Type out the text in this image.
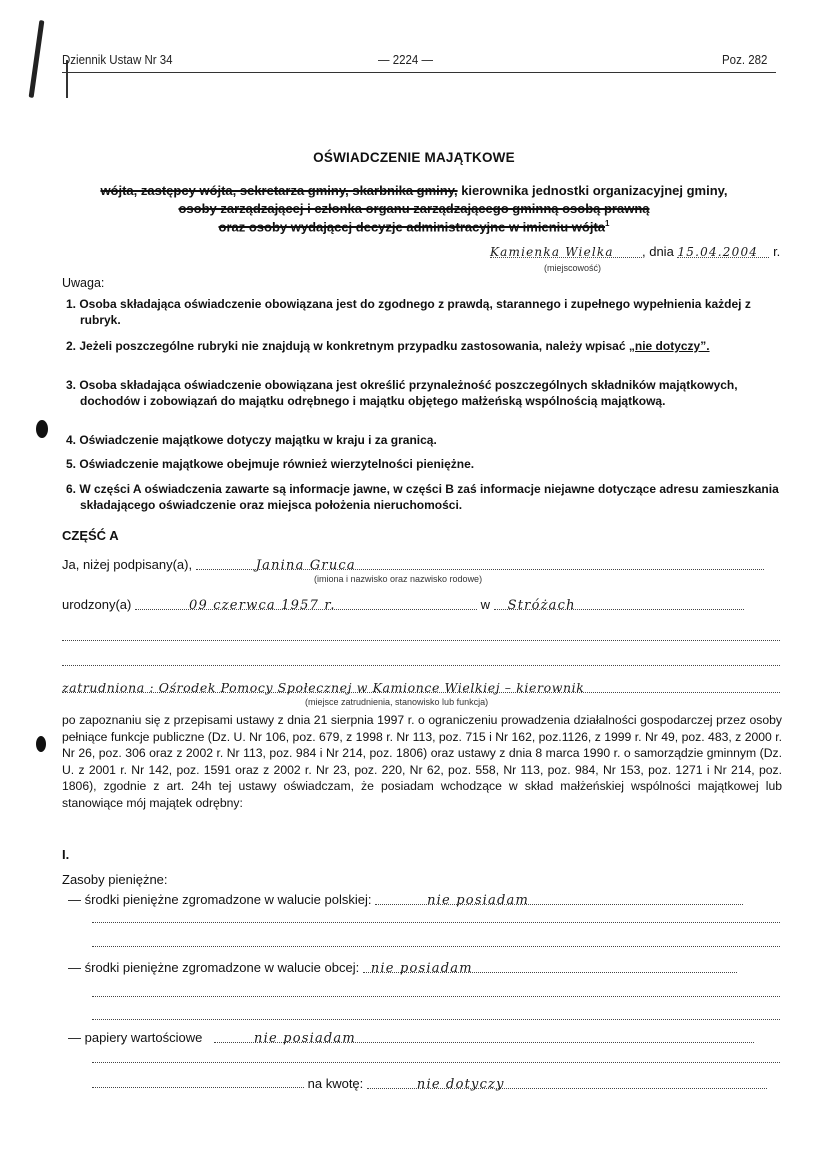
Dziennik Ustaw Nr 34	— 2224 —	Poz. 282
OŚWIADCZENIE MAJĄTKOWE
wójta, zastępcy wójta, sekretarza gminy, skarbnika gminy, kierownika jednostki organizacyjnej gminy,
osoby zarządzającej i członka organu zarządzającego gminną osobą prawną
oraz osoby wydającej decyzje administracyjne w imieniu wójta$^1$
Kamienka Wielka , dnia 15.04.2004 r.
(miejscowość)
Uwaga:
1. Osoba składająca oświadczenie obowiązana jest do zgodnego z prawdą, starannego i zupełnego wypełnienia każdej z rubryk.
2. Jeżeli poszczególne rubryki nie znajdują w konkretnym przypadku zastosowania, należy wpisać „nie dotyczy”.
3. Osoba składająca oświadczenie obowiązana jest określić przynależność poszczególnych składników majątkowych, dochodów i zobowiązań do majątku odrębnego i majątku objętego małżeńską wspólnością majątkową.
4. Oświadczenie majątkowe dotyczy majątku w kraju i za granicą.
5. Oświadczenie majątkowe obejmuje również wierzytelności pieniężne.
6. W części A oświadczenia zawarte są informacje jawne, w części B zaś informacje niejawne dotyczące adresu zamieszkania składającego oświadczenie oraz miejsca położenia nieruchomości.
CZĘŚĆ A
Ja, niżej podpisany(a),	Janina Gruca
(imiona i nazwisko oraz nazwisko rodowe)
urodzony(a)	09 czerwca 1957 r.	w Stróżach
zatrudniona : Ośrodek Pomocy Społecznej w Kamionce Wielkiej – kierownik
(miejsce zatrudnienia, stanowisko lub funkcja)
po zapoznaniu się z przepisami ustawy z dnia 21 sierpnia 1997 r. o ograniczeniu prowadzenia działalności gospodarczej przez osoby pełniące funkcje publiczne (Dz. U. Nr 106, poz. 679, z 1998 r. Nr 113, poz. 715 i Nr 162, poz.1126, z 1999 r. Nr 49, poz. 483, z 2000 r. Nr 26, poz. 306 oraz z 2002 r. Nr 113, poz. 984 i Nr 214, poz. 1806) oraz ustawy z dnia 8 marca 1990 r. o samorządzie gminnym (Dz. U. z 2001 r. Nr 142, poz. 1591 oraz z 2002 r. Nr 23, poz. 220, Nr 62, poz. 558, Nr 113, poz. 984, Nr 153, poz. 1271 i Nr 214, poz. 1806), zgodnie z art. 24h tej ustawy oświadczam, że posiadam wchodzące w skład małżeńskiej wspólności majątkowej lub stanowiące mój majątek odrębny:
I.
Zasoby pieniężne:
— środki pieniężne zgromadzone w walucie polskiej:	nie posiadam
— środki pieniężne zgromadzone w walucie obcej: nie posiadam
— papiery wartościowe	nie posiadam
na kwotę:	nie dotyczy
